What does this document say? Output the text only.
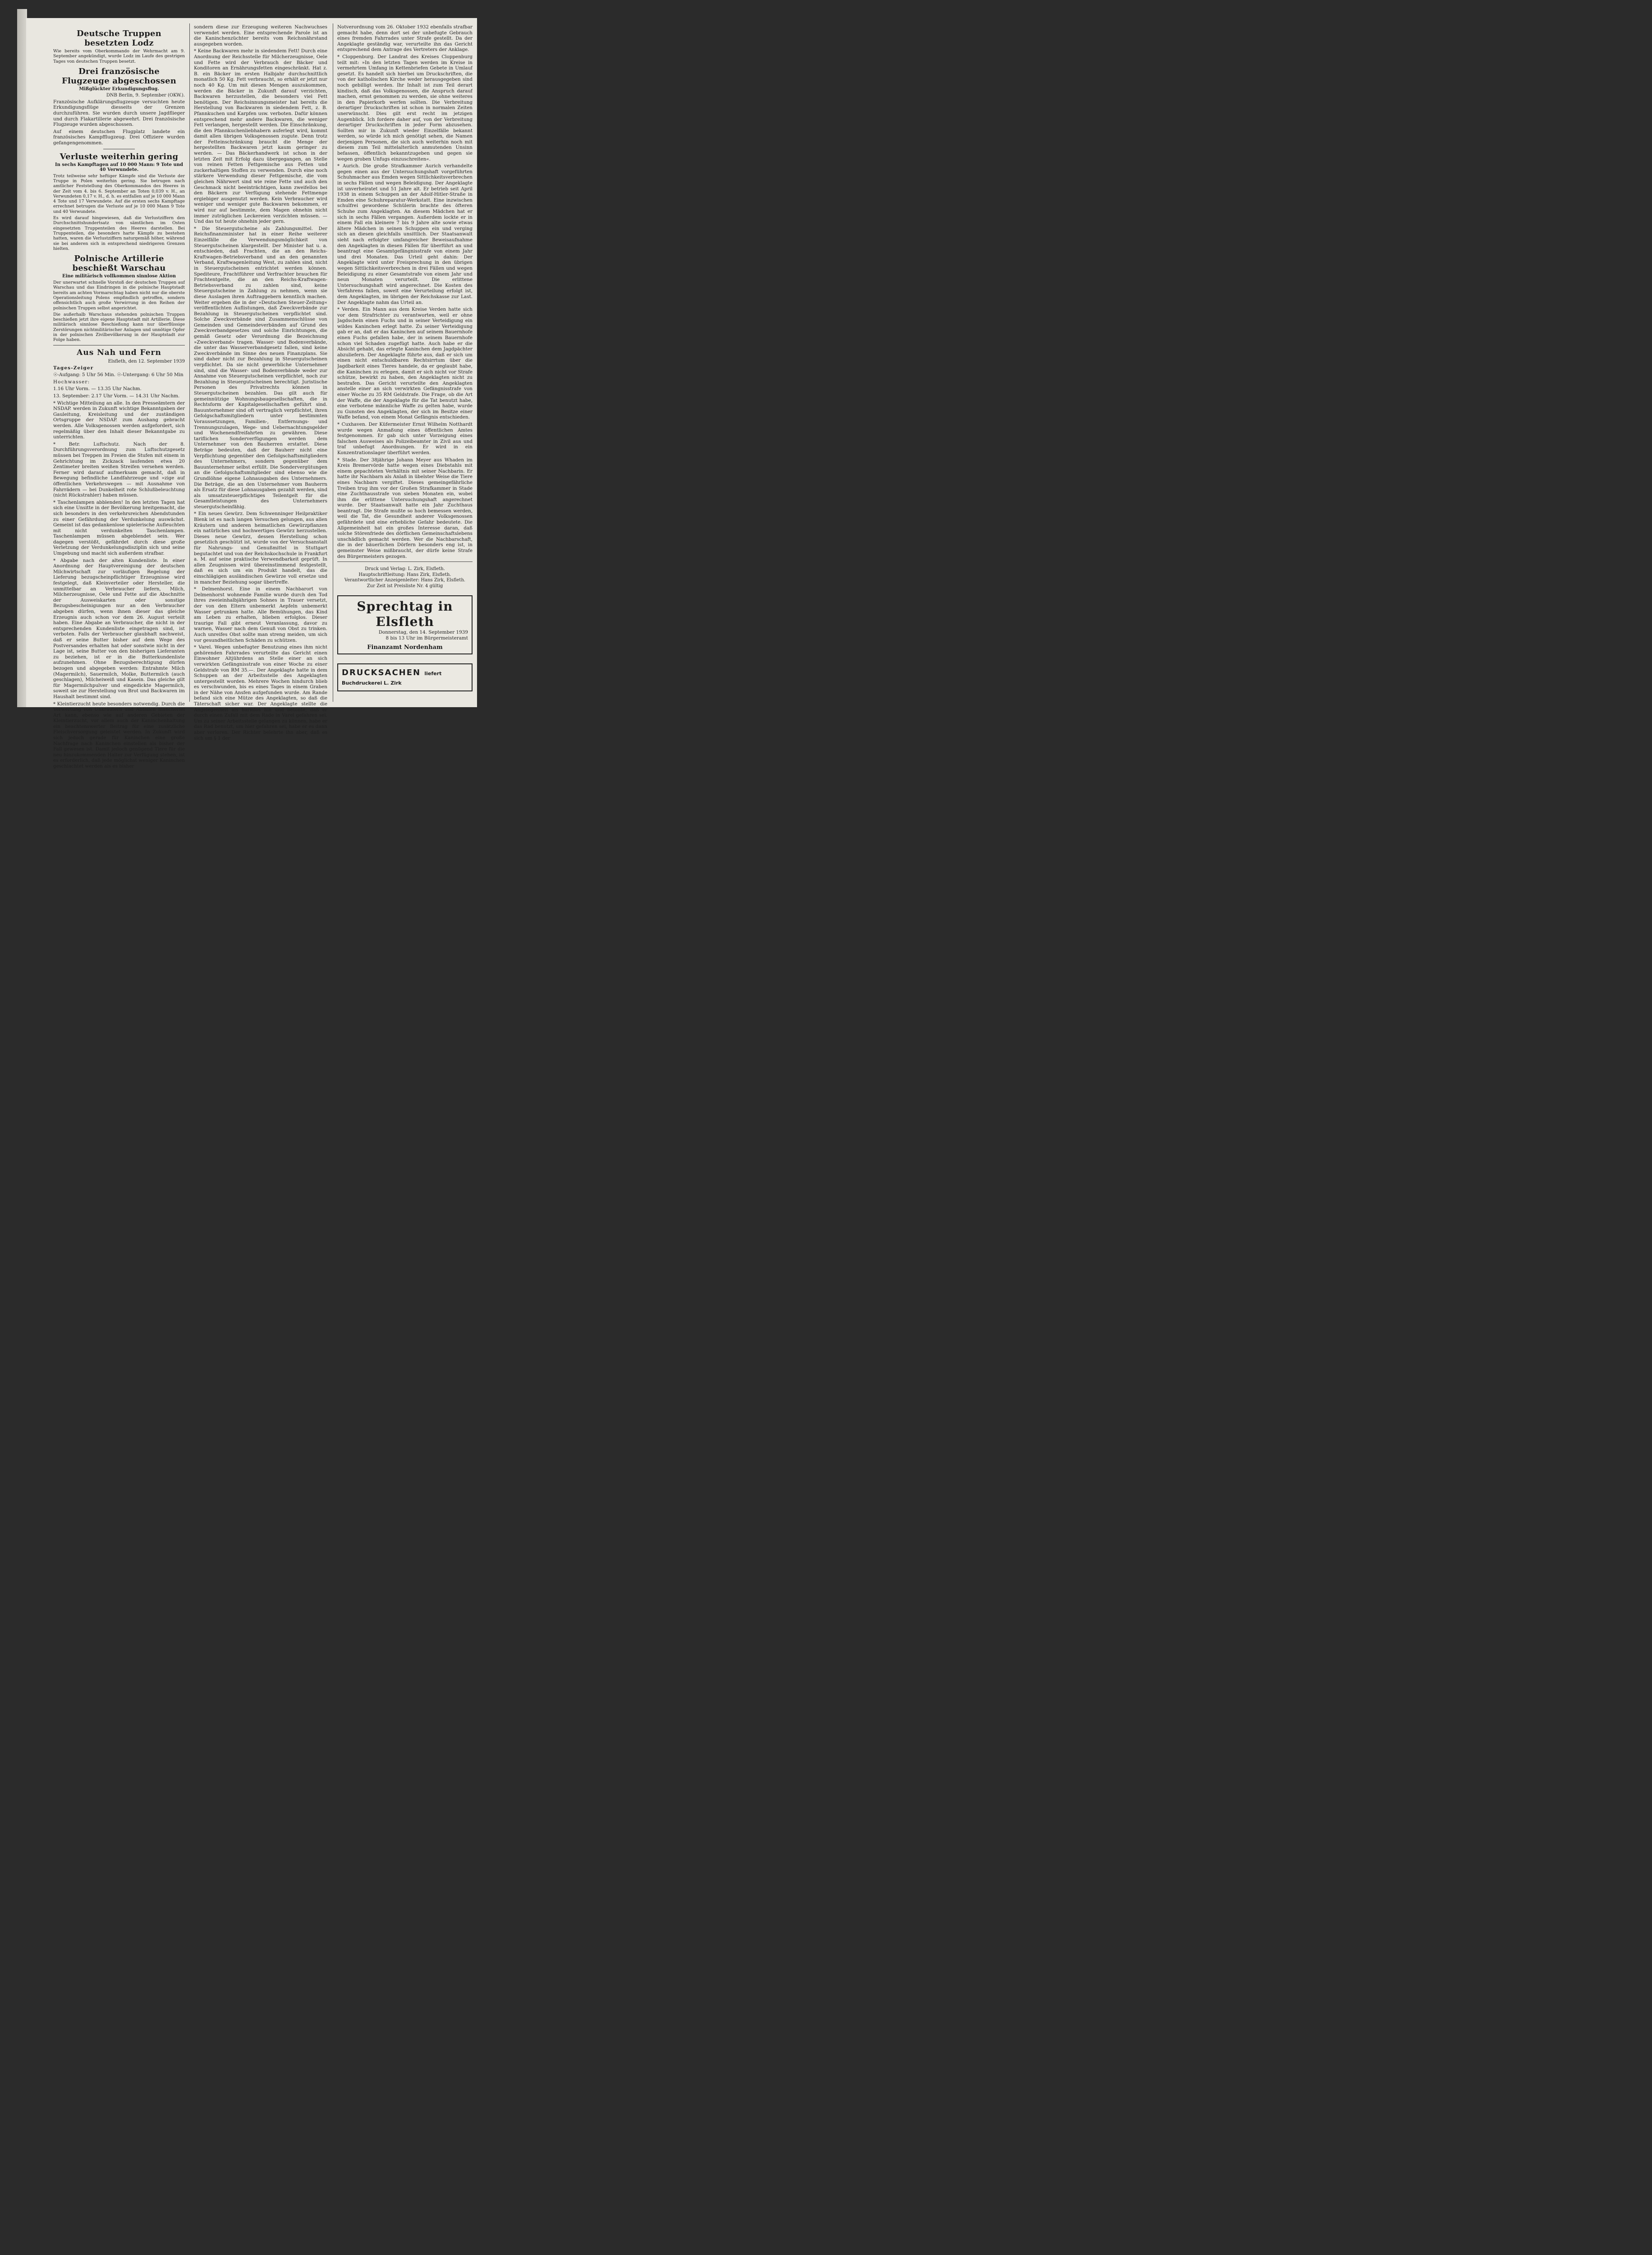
Deutsche Truppen besetzten Lodz

Wie bereits vom Oberkommando der Wehrmacht am 9. September angekündigt, wurde Lodz im Laufe des gestrigen Tages von deutschen Truppen besetzt.

Drei französische Flugzeuge abgeschossen
Mißglückter Erkundigungsflug.
DNB Berlin, 9. September (OKW.).

Französische Aufklärungsflugzeuge versuchten heute Erkundigungsflüge diesseits der Grenzen durchzuführen. Sie wurden durch unsere Jagdflieger und durch Flakartillerie abgewehrt. Drei französische Flugzeuge wurden abgeschossen.

Auf einem deutschen Flugplatz landete ein französisches Kampfflugzeug. Drei Offiziere wurden gefangengenommen.

Verluste weiterhin gering
In sechs Kampftagen auf 10 000 Mann: 9 Tote und 40 Verwundete.

Trotz teilweise sehr heftiger Kämpfe sind die Verluste der Truppe in Polen weiterhin gering. Sie betrugen nach amtlicher Feststellung des Oberkommandos des Heeres in der Zeit vom 4. bis 6. September an Toten 0,039 v. H., an Verwundeten 0,17 v. H., d. h. es entfallen auf je 10 000 Mann 4 Tote und 17 Verwundete. Auf die ersten sechs Kampftage errechnet betrugen die Verluste auf je 10 000 Mann 9 Tote und 40 Verwundete.

Es wird darauf hingewiesen, daß die Verlustziffern den Durchschnittshundertsatz von sämtlichen im Osten eingesetzten Truppenteilen des Heeres darstellen. Bei Truppenteilen, die besonders harte Kämpfe zu bestehen hatten, waren die Verlustziffern naturgemäß höher, während sie bei anderen sich in entsprechend niedrigeren Grenzen hielten.

Polnische Artillerie beschießt Warschau
Eine militärisch vollkommen sinnlose Aktion

Der unerwartet schnelle Vorstoß der deutschen Truppen auf Warschau und das Eindringen in die polnische Hauptstadt bereits am achten Vormarschtag haben nicht nur die oberste Operationsleitung Polens empfindlich getroffen, sondern offensichtlich auch große Verwirrung in den Reihen der polnischen Truppen selbst angerichtet.

Die außerhalb Warschaus stehenden polnischen Truppen beschießen jetzt ihre eigene Hauptstadt mit Artillerie. Diese militärisch sinnlose Beschießung kann nur überflüssige Zerstörungen nichtmilitärischer Anlagen und unnötige Opfer in der polnischen Zivilbevölkerung in der Hauptstadt zur Folge haben.

Aus Nah und Fern
Elsfleth, den 12. September 1939

Tages-Zeiger

☉-Aufgang: 5 Uhr 56 Min. ☉-Untergang: 6 Uhr 50 Min

Hochwasser:

1.16 Uhr Vorm. — 13.35 Uhr Nachm.

13. September: 2.17 Uhr Vorm. — 14.31 Uhr Nachm.

* Wichtige Mitteilung an alle. In den Presseämtern der NSDAP. werden in Zukunft wichtige Bekanntgaben der Gauleitung, Kreisleitung und der zuständigen Ortsgruppe der NSDAP. zum Aushang gebracht werden. Alle Volksgenossen werden aufgefordert, sich regelmäßig über den Inhalt dieser Bekanntgabe zu unterrichten.

* Betr. Luftschutz. Nach der 8. Durchführungsverordnung zum Luftschutzgesetz müssen bei Treppen im Freien die Stufen mit einem in Gehrichtung im Zickzack laufenden etwa 20 Zentimeter breiten weißen Streifen versehen werden. Ferner wird darauf aufmerksam gemacht, daß in Bewegung befindliche Landfahrzeuge und »zige auf öffentlichen Verkehrswegen — mit Ausnahme von Fahrrädern — bei Dunkelheit rote Schlußbeleuchtung (nicht Rückstrahler) haben müssen.

* Taschenlampen abblenden! In den letzten Tagen hat sich eine Unsitte in der Bevölkerung breitgemacht, die sich besonders in den verkehrsreichen Abendstunden zu einer Gefährdung der Verdunkelung auswächst. Gemeint ist das gedankenlose spielerische Aufleuchten mit nicht verdunkelten Taschenlampen. Taschenlampen müssen abgeblendet sein. Wer dagegen verstößt, gefährdet durch diese große Verletzung der Verdunkelungsdisziplin sich und seine Umgebung und macht sich außerdem strafbar.

* Abgabe nach der alten Kundenliste. In einer Anordnung der Hauptvereinigung der deutschen Milchwirtschaft zur vorläufigen Regelung der Lieferung bezugscheinpflichtiger Erzeugnisse wird festgelegt, daß Kleinverteiler oder Hersteller, die unmittelbar an Verbraucher liefern, Milch, Milcherzeugnisse, Oele und Fette auf die Abschnitte der Ausweiskarten oder sonstige Bezugsbescheinigungen nur an den Verbraucher abgeben dürfen, wenn ihnen dieser das gleiche Erzeugnis auch schon vor dem 26. August verteilt haben. Eine Abgabe an Verbraucher, die nicht in der entsprechenden Kundenliste eingetragen sind, ist verboten. Falls der Verbraucher glaubhaft nachweist, daß er seine Butter bisher auf dem Wege des Postversandes erhalten hat oder sonstwie nicht in der Lage ist, seine Butter von den bisherigen Lieferanten zu beziehen, ist er in die Butterkundenliste aufzunehmen. Ohne Bezugsberechtigung dürfen bezogen und abgegeben werden: Entrahmte Milch (Magermilch), Sauermilch, Molke, Buttermilch (auch geschlagen), Milcheiweiß und Kasein. Das gleiche gilt für Magermilchpulver und eingedickte Magermilch, soweit sie zur Herstellung von Brot und Backwaren im Haushalt bestimmt sind.

* Kleintierzucht heute besonders notwendig. Durch die Verwertung von Unkräutern und Abfällen mancherlei Art kann, ebenso wie auf anderen Gebieten der Kleintierzucht, vor allem auch der Kaninchenhaltung ein beachtenswerter Beitrag für eine zusätzliche Fleischversorgung geleistet werden. In Zukunft wird sich jedoch gerade für Kaninchen eine große Nachfrage nach Kaninchen einstellen als bisher der Fall gewesen ist. Damit jedoch genügend Tiere für die neu hinzukommenden Halter zur Verfügung stehen, ist es erforderlich, daß jede möglichst weniger Kaninchen geschlachtet werden als es bisher

sondern diese zur Erzeugung weiteren Nachwuchses verwendet werden. Eine entsprechende Parole ist an die Kaninchenzüchter bereits vom Reichsnährstand ausgegeben worden.

* Keine Backwaren mehr in siedendem Fett! Durch eine Anordnung der Reichsstelle für Milcherzeugnisse, Oele und Fette wird der Verbrauch der Bäcker und Konditoren an Ernährungsfetten eingeschränkt. Hat z. B. ein Bäcker im ersten Halbjahr durchschnittlich monatlich 50 Kg. Fett verbraucht, so erhält er jetzt nur noch 40 Kg. Um mit diesen Mengen auszukommen, werden die Bäcker in Zukunft darauf verzichten, Backwaren herzustellen, die besonders viel Fett benötigen. Der Reichsinnungsmeister hat bereits die Herstellung von Backwaren in siedendem Fett, z. B. Pfannkuchen und Karpfen usw. verboten. Dafür können entsprechend mehr andere Backwaren, die weniger Fett verlangen, hergestellt werden. Die Einschränkung, die den Pfannkuchenliebhabern auferlegt wird, kommt damit allen übrigen Volksgenossen zugute. Denn trotz der Fetteinschränkung braucht die Menge der hergestellten Backwaren jetzt kaum geringer zu werden. — Das Bäckerhandwerk ist schon in der letzten Zeit mit Erfolg dazu übergegangen, an Stelle von reinen Fetten Fettgemische aus Fetten und zuckerhaltigen Stoffen zu verwenden. Durch eine noch stärkere Verwendung dieser Fettgemische, die vom gleichen Nährwert sind wie reine Fette und auch den Geschmack nicht beeinträchtigen, kann zweifellos bei den Bäckern zur Verfügung stehende Fettmenge ergiebiger ausgenutzt werden. Kein Verbraucher wird weniger und weniger gute Backwaren bekommen, er wird nur auf bestimmte, dem Magen ohnehin nicht immer zuträglichen Leckereien verzichten müssen. — Und das tut heute ohnehin jeder gern.

* Die Steuergutscheine als Zahlungsmittel. Der Reichsfinanzminister hat in einer Reihe weiterer Einzelfälle die Verwendungsmöglichkeit von Steuergutscheinen klargestellt. Der Minister hat u. a. entschieden, daß Frachten, die an den Reichs-Kraftwagen-Betriebsverband und an den genannten Verband, Kraftwagenleitung West, zu zahlen sind, nicht in Steuergutscheinen entrichtet werden können. Spediteure, Frachtführer und Verfrachter brauchen für Frachtentgelte, die an den Reichs-Kraftwagen-Betriebsverband zu zahlen sind, keine Steuergutscheine in Zahlung zu nehmen, wenn sie diese Auslagen ihren Auftraggebern kenntlich machen. Weiter ergeben die in der »Deutschen Steuer-Zeitung« veröffentlichten Auflistungen, daß Zweckverbände zur Bezahlung in Steuergutscheinen verpflichtet sind. Solche Zweckverbände sind Zusammenschlüsse von Gemeinden und Gemeindeverbänden auf Grund des Zweckverbandgesetzes und solche Einrichtungen, die gemäß Gesetz oder Verordnung die Bezeichnung »Zweckverband« tragen. Wasser- und Bodenverbände, die unter das Wasserverbandgesetz fallen, sind keine Zweckverbände im Sinne des neuen Finanzplans. Sie sind daher nicht zur Bezahlung in Steuergutscheinen verpflichtet. Da sie nicht gewerbliche Unternehmer sind, sind die Wasser- und Bodenverbände weder zur Annahme von Steuergutscheinen verpflichtet, noch zur Bezahlung in Steuergutscheinen berechtigt. Juristische Personen des Privatrechts können in Steuergutscheinen bezahlen. Das gilt auch für gemeinnützige Wohnungsbaugesellschaften, die in Rechtsform der Kapitalgesellschaften geführt sind. Bauunternehmer sind oft vertraglich verpflichtet, ihren Gefolgschaftsmitgliedern unter bestimmten Voraussetzungen, Familien-, Entfernungs- und Trennungszulagen, Wege- und Uebernachtungsgelder und Wochenendfreifahrten zu gewähren. Diese tariflichen Sonderverfügungen werden dem Unternehmer von den Bauherren erstattet. Diese Beträge bedeuten, daß der Bauherr nicht eine Verpflichtung gegenüber den Gefolgschaftsmitgliedern des Unternehmers, sondern gegenüber dem Bauunternehmer selbst erfüllt. Die Sondervergütungen an die Gefolgschaftsmitglieder sind ebenso wie die Grundlöhne eigene Lohnausgaben des Unternehmers. Die Beträge, die an den Unternehmer vom Bauherrn als Ersatz für diese Lohnausgaben gezahlt werden, sind als umsatzsteuerpflichtiges Teilentgelt für die Gesamtleistungen des Unternehmers steuergutscheinfähig.

* Ein neues Gewürz. Dem Schwenninger Heilpraktiker Blenk ist es nach langen Versuchen gelungen, aus allen Kräutern und anderen heimatlichen Gewürzpflanzen ein natürliches und hochwertiges Gewürz herzustellen. Dieses neue Gewürz, dessen Herstellung schon gesetzlich geschützt ist, wurde von der Versuchsanstalt für Nahrungs- und Genußmittel in Stuttgart begutachtet und von der Reichskochschule in Frankfurt a. M. auf seine praktische Verwendbarkeit geprüft. In allen Zeugnissen wird übereinstimmend festgestellt, daß es sich um ein Produkt handelt, das die einschlägigen ausländischen Gewürze voll ersetze und in mancher Beziehung sogar übertreffe.

* Delmenhorst. Eine in einem Nachbarort von Delmenhorst wohnende Familie wurde durch den Tod ihres zweieinhalbjährigen Sohnes in Trauer versetzt, der von den Eltern unbemerkt Aepfeln unbemerkt Wasser getrunken hatte. Alle Bemühungen, das Kind am Leben zu erhalten, blieben erfolglos. Dieser traurige Fall gibt erneut Veranlassung, davor zu warnen, Wasser nach dem Genuß von Obst zu trinken. Auch unreifes Obst sollte man streng meiden, um sich vor gesundheitlichen Schäden zu schützen.

* Varel. Wegen unbefugter Benutzung eines ihm nicht gehörenden Fahrrades verurteilte das Gericht einen Einwohner Altjührdens an Stelle einer an sich verwirkten Gefängnisstrafe von einer Woche zu einer Geldstrafe von RM 35.—. Der Angeklagte hatte in dem Schuppen an der Arbeitsstelle des Angeklagten untergestellt worden. Mehrere Wochen hindurch blieb es verschwunden, bis es eines Tages in einem Graben in der Nähe von Ansfen aufgefunden wurde. Am Rande befand sich eine Mütze des Angeklagten, so daß die Täterschaft sicher war. Der Angeklagte stellte die Angelegenheit als harmlos hin und betonte, daß er durch einen Zufall mit dem Rade in Varel gefahren sei. Um zu seiner Arbeitsstelle gelangen zu können, habe er das Rad benutzt, um hier gefahren sei, habe er es dann aber verloren. Der Richter belehrte ihn aber, daß es sich um § 1 der

Notverordnung vom 26. Oktober 1932 ebenfalls strafbar gemacht habe, denn dort sei der unbefugte Gebrauch eines fremden Fahrrades unter Strafe gestellt. Da der Angeklagte geständig war, verurteilte ihn das Gericht entsprechend dem Antrage des Vertreters der Anklage.

* Cloppenburg. Der Landrat des Kreises Cloppenburg teilt mit: »In den letzten Tagen werden im Kreise in vermehrtem Umfang in Kettenbriefen Gebete in Umlauf gesetzt. Es handelt sich hierbei um Druckschriften, die von der katholischen Kirche weder herausgegeben sind noch gebilligt werden. Ihr Inhalt ist zum Teil derart kindisch, daß das Volksgenossen, die Anspruch darauf machen, ernst genommen zu werden, sie ohne weiteres in den Papierkorb werfen sollten. Die Verbreitung derartiger Druckschriften ist schon in normalen Zeiten unerwünscht. Dies gilt erst recht im jetzigen Augenblick. Ich fordere daher auf, von der Verbreitung derartiger Druckschriften in jeder Form abzusehen. Sollten mir in Zukunft wieder Einzelfälle bekannt werden, so würde ich mich genötigt sehen, die Namen derjenigen Personen, die sich auch weiterhin noch mit diesem zum Teil mittelalterlich anmutenden Unsinn befassen, öffentlich bekanntzugeben und gegen sie wegen groben Unfugs einzuschreiten«.

* Aurich. Die große Strafkammer Aurich verhandelte gegen einen aus der Untersuchungshaft vorgeführten Schuhmacher aus Emden wegen Sittlichkeitsverbrechen in sechs Fällen und wegen Beleidigung. Der Angeklagte ist unverheiratet und 51 Jahre alt. Er betrieb seit April 1938 in einem Schuppen an der Adolf-Hitler-Straße in Emden eine Schuhreparatur-Werkstatt. Eine inzwischen schulfrei gewordene Schülerin brachte des öfteren Schuhe zum Angeklagten. An diesem Mädchen hat er sich in sechs Fällen vergangen. Außerdem lockte er in einem Fall ein kleinere 7 bis 9 Jahre alte sowie etwas ältere Mädchen in seinen Schuppen ein und verging sich an diesen gleichfalls unsittlich. Der Staatsanwalt sieht nach erfolgter umfangreicher Beweisaufnahme den Angeklagten in diesen Fällen für überführt an und beantragt eine Gesamtgefängnisstrafe von einem Jahr und drei Monaten. Das Urteil geht dahin: Der Angeklagte wird unter Freisprechung in den übrigen wegen Sittlichkeitsverbrechen in drei Fällen und wegen Beleidigung zu einer Gesamtstrafe von einem Jahr und neun Monaten verurteilt. Die erlittene Untersuchungshaft wird angerechnet. Die Kosten des Verfahrens fallen, soweit eine Verurteilung erfolgt ist, dem Angeklagten, im übrigen der Reichskasse zur Last. Der Angeklagte nahm das Urteil an.

* Verden. Ein Mann aus dem Kreise Verden hatte sich vor dem Strafrichter zu verantworten, weil er ohne Jagdschein einen Fuchs und in seiner Verteidigung ein wildes Kaninchen erlegt hatte. Zu seiner Verteidigung gab er an, daß er das Kaninchen auf seinem Bauernhofe einen Fuchs gefallen habe, der in seinem Bauernhofe schon viel Schaden zugefügt hatte. Auch habe er die Absicht gehabt, das erlegte Kaninchen dem Jagdpächter abzuliefern. Der Angeklagte führte aus, daß er sich um einen nicht entschuldbaren Rechtsirrtum über die Jagdbarkeit eines Tieres handele, da er geglaubt habe, die Kaninchen zu erlegen, damit er sich nicht vor Strafe schütze, bewirkt zu haben, den Angeklagten nicht zu bestrafen. Das Gericht verurteilte den Angeklagten anstelle einer an sich verwirkten Gefängnisstrafe von einer Woche zu 35 RM Geldstrafe. Die Frage, ob die Art der Waffe, die der Angeklagte für die Tat benutzt habe, eine verbotene männliche Waffe zu gelten habe, wurde zu Gunsten des Angeklagten, der sich im Besitze einer Waffe befand, von einem Monat Gefängnis entschieden.

* Cuxhaven. Der Küfermeister Ernst Wilhelm Notthardt wurde wegen Anmaßung eines öffentlichen Amtes festgenommen. Er gab sich unter Vorzeigung eines falschen Ausweises als Polizeibeamter in Zivil aus und traf unbefugt Anordnungen. Er wird in ein Konzentrationslager überführt werden.

* Stade. Der 38jährige Johann Meyer aus Whaden im Kreis Bremervörde hatte wegen eines Diebstahls mit einem gepachteten Verhältnis mit seiner Nachbarin. Er hatte ihr Nachbarn als Anlaß in übelster Weise die Tiere eines Nachbarn vergiftet. Dieses gemeingefährliche Treiben trug ihm vor der Großen Strafkammer in Stade eine Zuchthausstrafe von sieben Monaten ein, wobei ihm die erlittene Untersuchungshaft angerechnet wurde. Der Staatsanwalt hatte ein Jahr Zuchthaus beantragt. Die Strafe mußte so hoch bemessen werden, weil die Tat, die Gesundheit anderer Volksgenossen gefährdete und eine erhebliche Gefahr bedeutete. Die Allgemeinheit hat ein großes Interesse daran, daß solche Störenfriede des dörflichen Gemeinschaftslebens unschädlich gemacht werden. Wer die Nachbarschaft, die in der bäuerlichen Dörfern besonders eng ist, in gemeinster Weise mißbraucht, der dürfe keine Strafe des Bürgermeisters gezogen.

Druck und Verlag: L. Zirk, Elsfleth.
Hauptschriftleitung: Hans Zirk, Elsfleth.
Verantwortlicher Anzeigenleiter: Hans Zirk, Elsfleth.
Zur Zeit ist Preisliste Nr. 4 gültig
Sprechtag in Elsfleth
Donnerstag, den 14. September 1939
8 bis 13 Uhr im Bürgermeisteramt
Finanzamt Nordenham
DRUCKSACHEN liefert Buchdruckerei L. Zirk
